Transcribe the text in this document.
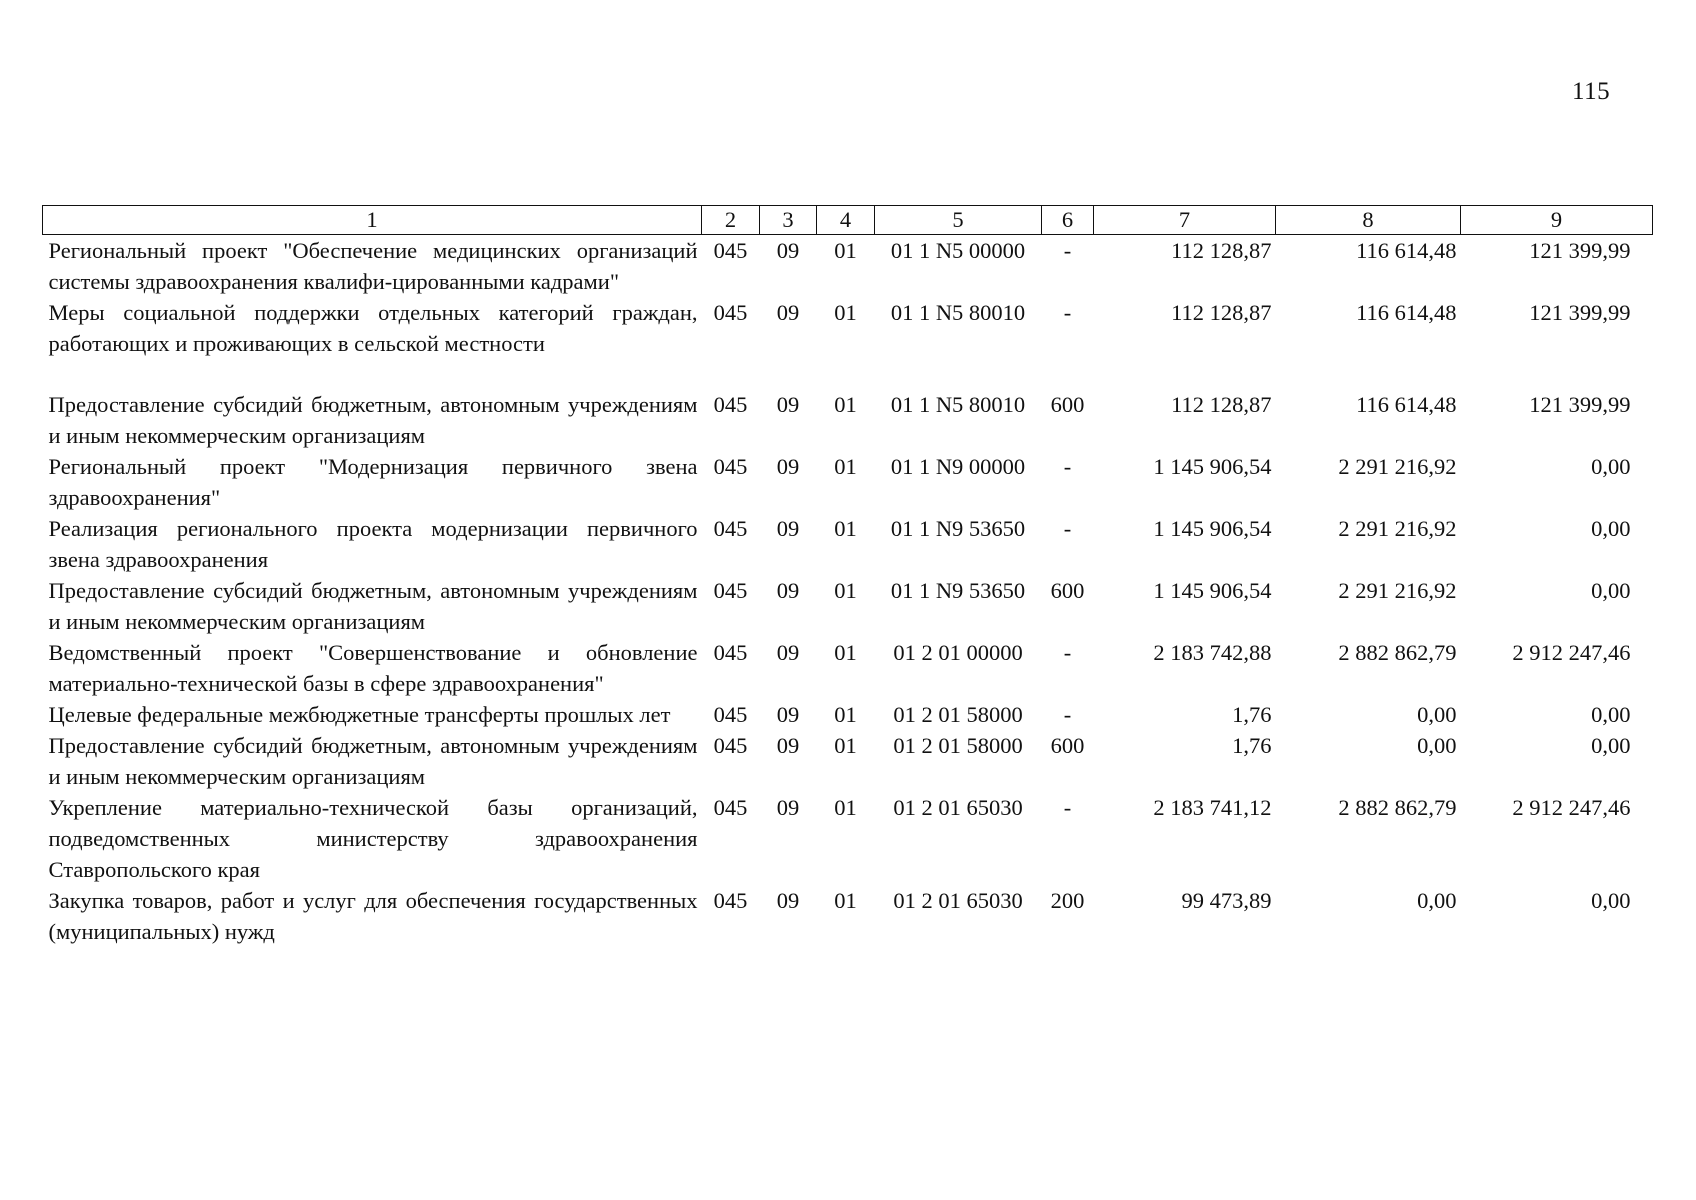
115
1	2	3	4	5	6	7	8	9
Региональный проект "Обеспечение медицинских организаций системы здравоохранения квалифи-цированными кадрами"	045	09	01	01 1 N5 00000	-	112 128,87	116 614,48	121 399,99
Меры социальной поддержки отдельных категорий граждан, работающих и проживающих в сельской местности	045	09	01	01 1 N5 80010	-	112 128,87	116 614,48	121 399,99

Предоставление субсидий бюджетным, автономным учреждениям и иным некоммерческим организациям	045	09	01	01 1 N5 80010	600	112 128,87	116 614,48	121 399,99
Региональный проект "Модернизация первичного звена здравоохранения"	045	09	01	01 1 N9 00000	-	1 145 906,54	2 291 216,92	0,00
Реализация регионального проекта модернизации первичного звена здравоохранения	045	09	01	01 1 N9 53650	-	1 145 906,54	2 291 216,92	0,00
Предоставление субсидий бюджетным, автономным учреждениям и иным некоммерческим организациям	045	09	01	01 1 N9 53650	600	1 145 906,54	2 291 216,92	0,00
Ведомственный проект "Совершенствование и обновление материально-технической базы в сфере здравоохранения"	045	09	01	01 2 01 00000	-	2 183 742,88	2 882 862,79	2 912 247,46
Целевые федеральные межбюджетные трансферты прошлых лет	045	09	01	01 2 01 58000	-	1,76	0,00	0,00
Предоставление субсидий бюджетным, автономным учреждениям и иным некоммерческим организациям	045	09	01	01 2 01 58000	600	1,76	0,00	0,00
Укрепление материально-технической базы организаций, подведомственных министерству здравоохранения Ставропольского края	045	09	01	01 2 01 65030	-	2 183 741,12	2 882 862,79	2 912 247,46
Закупка товаров, работ и услуг для обеспечения государственных (муниципальных) нужд	045	09	01	01 2 01 65030	200	99 473,89	0,00	0,00
